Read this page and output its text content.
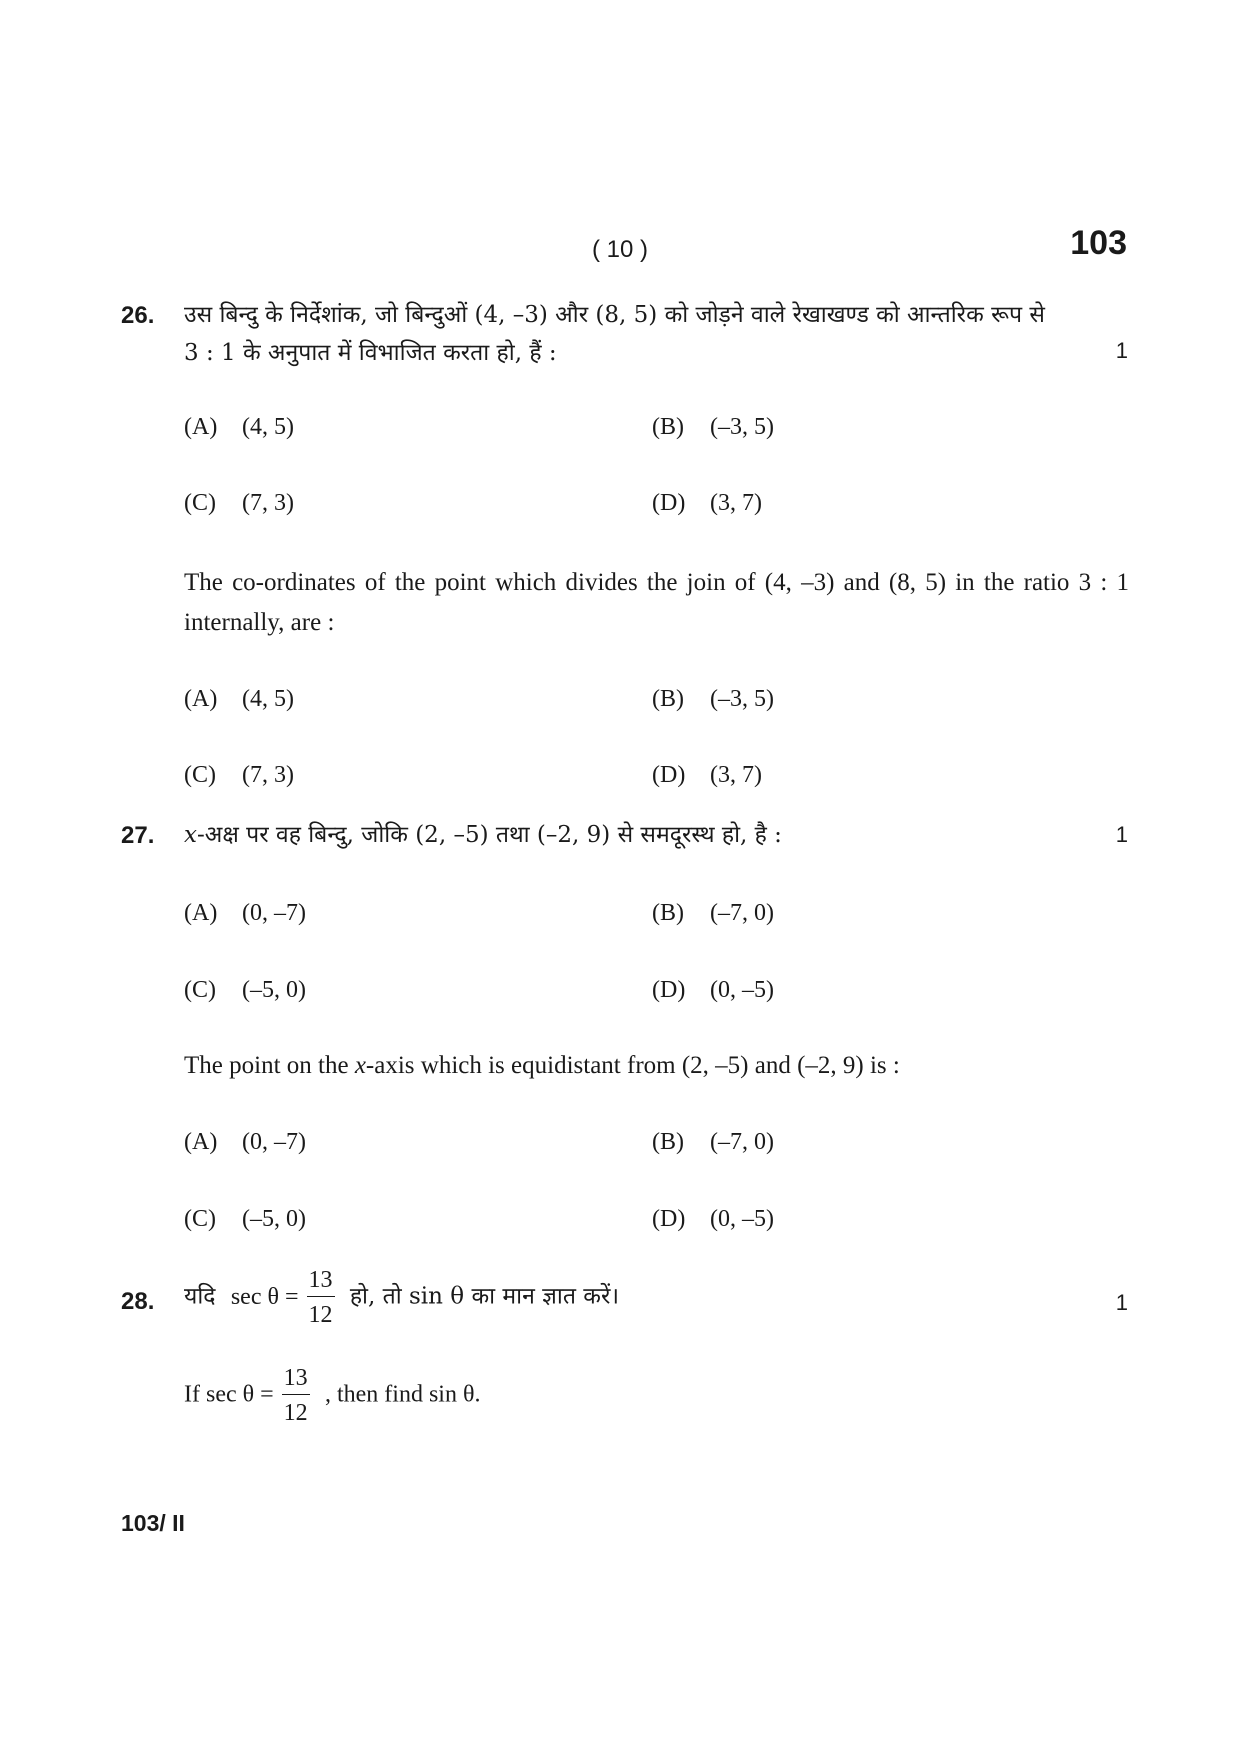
( 10 )	103
26. उस बिन्दु के निर्देशांक, जो बिन्दुओं (4, –3) और (8, 5) को जोड़ने वाले रेखाखण्ड को आन्तरिक रूप से 3 : 1 के अनुपात में विभाजित करता हो, हैं :	1
(A) (4, 5)	(B) (–3, 5)
(C) (7, 3)	(D) (3, 7)
The co-ordinates of the point which divides the join of (4, –3) and (8, 5) in the ratio 3 : 1 internally, are :
(A) (4, 5)	(B) (–3, 5)
(C) (7, 3)	(D) (3, 7)
27. x-अक्ष पर वह बिन्दु, जोकि (2, –5) तथा (–2, 9) से समदूरस्थ हो, है :	1
(A) (0, –7)	(B) (–7, 0)
(C) (–5, 0)	(D) (0, –5)
The point on the x-axis which is equidistant from (2, –5) and (–2, 9) is :
(A) (0, –7)	(B) (–7, 0)
(C) (–5, 0)	(D) (0, –5)
28. यदि $\sec \theta = \frac{13}{12}$ हो, तो sin θ का मान ज्ञात करें।	1
If $\sec \theta = \frac{13}{12}$ , then find sin θ.
103/ II
